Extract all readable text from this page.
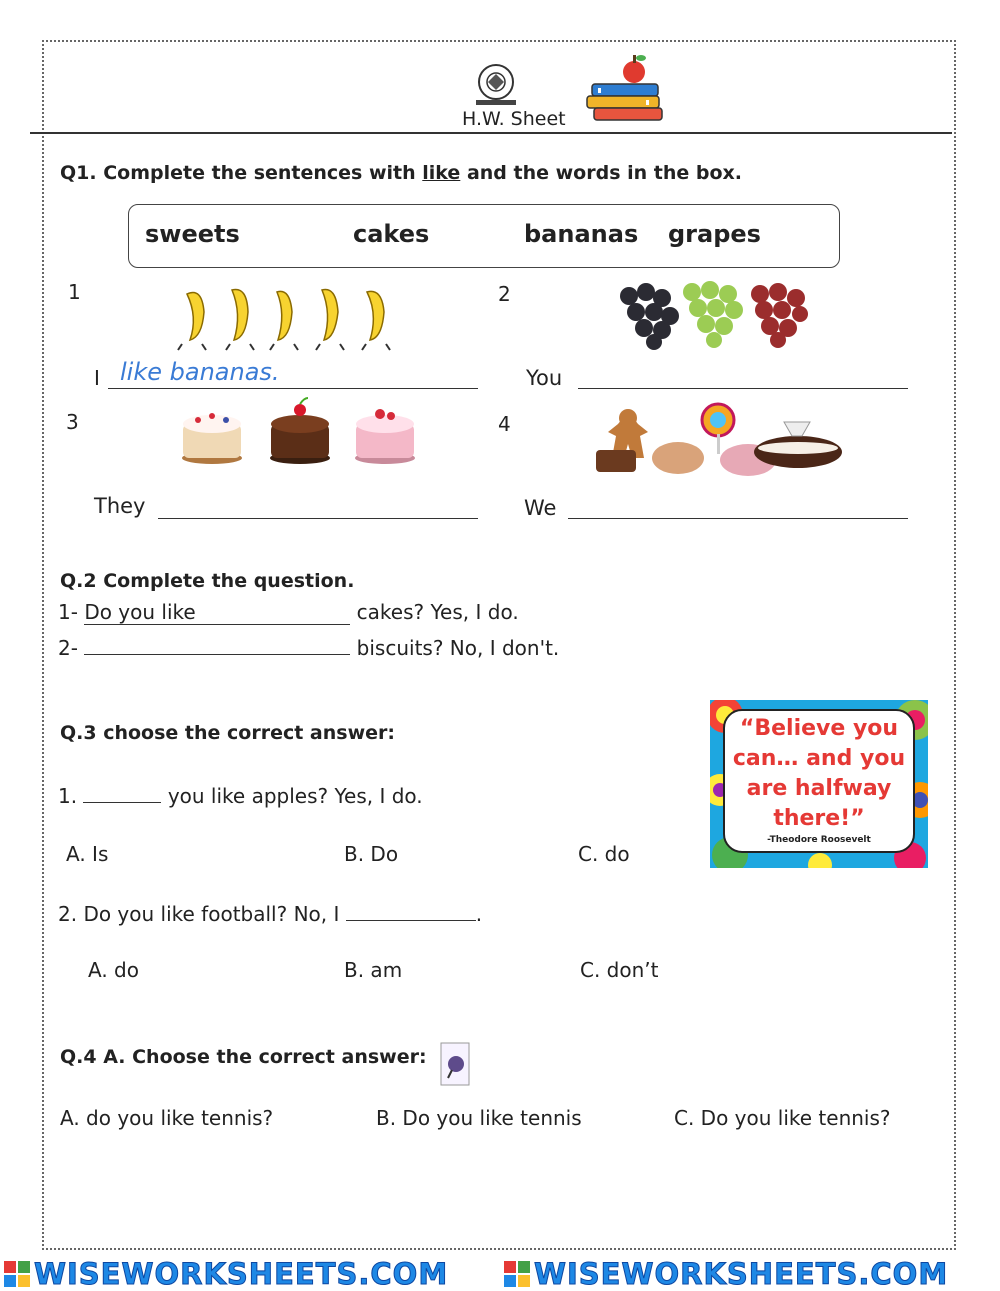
H.W. Sheet
Q1. Complete the sentences with like and the words in the box.
sweets	cakes	bananas grapes
1
I like bananas.
2
You
3
They
4
We
Q.2 Complete the question.
1- Do you like	cakes? Yes, I do.
2-	biscuits? No, I don't.
Q.3 choose the correct answer:
1.	you like apples? Yes, I do.
A. Is	B. Do	C. do
2. Do you like football? No, I	.
A. do	B. am	C. don’t
“Believe you
can… and you
are halfway
there!”
-Theodore Roosevelt
Q.4 A. Choose the correct answer:
A. do you like tennis?	B. Do you like tennis	C. Do you like tennis?
WISEWORKSHEETS.COM	WISEWORKSHEETS.COM
